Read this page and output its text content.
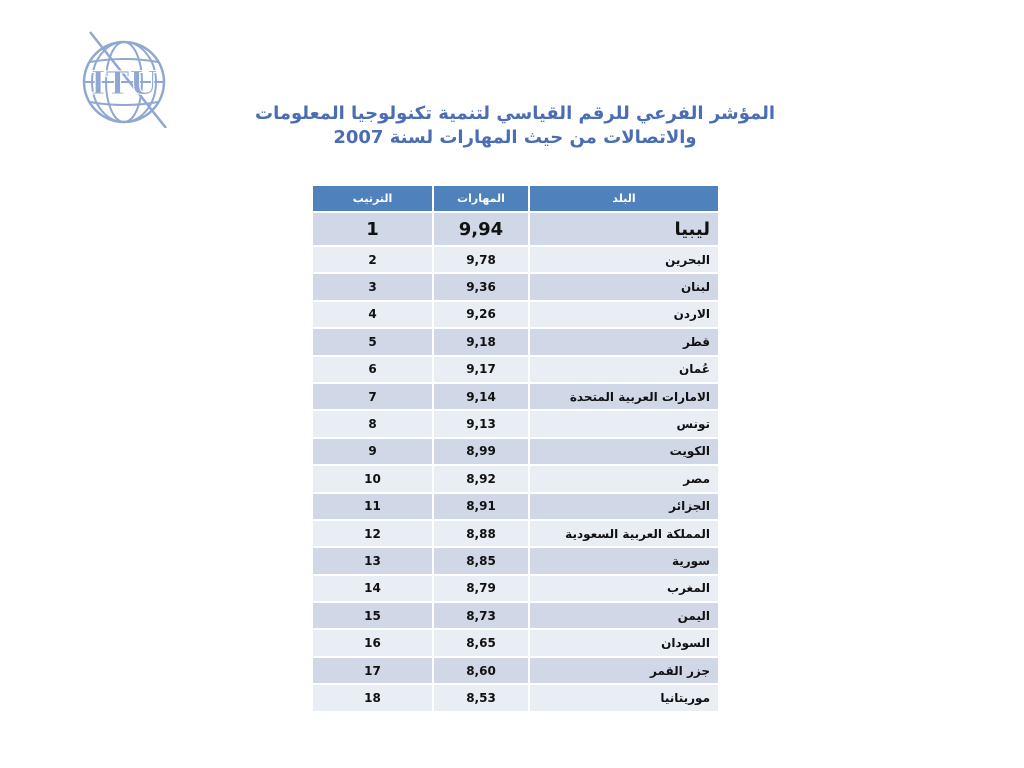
ITU
المؤشر الفرعي للرقم القياسي لتنمية تكنولوجيا المعلومات
والاتصالات من حيث المهارات لسنة 2007
الترتيب	المهارات	البلد
1	9,94	ليبيا
2	9,78	البحرين
3	9,36	لبنان
4	9,26	الاردن
5	9,18	قطر
6	9,17	عُمان
7	9,14	الامارات العربية المتحدة
8	9,13	تونس
9	8,99	الكويت
10	8,92	مصر
11	8,91	الجزائر
12	8,88	المملكة العربية السعودية
13	8,85	سورية
14	8,79	المغرب
15	8,73	اليمن
16	8,65	السودان
17	8,60	جزر القمر
18	8,53	موريتانيا
